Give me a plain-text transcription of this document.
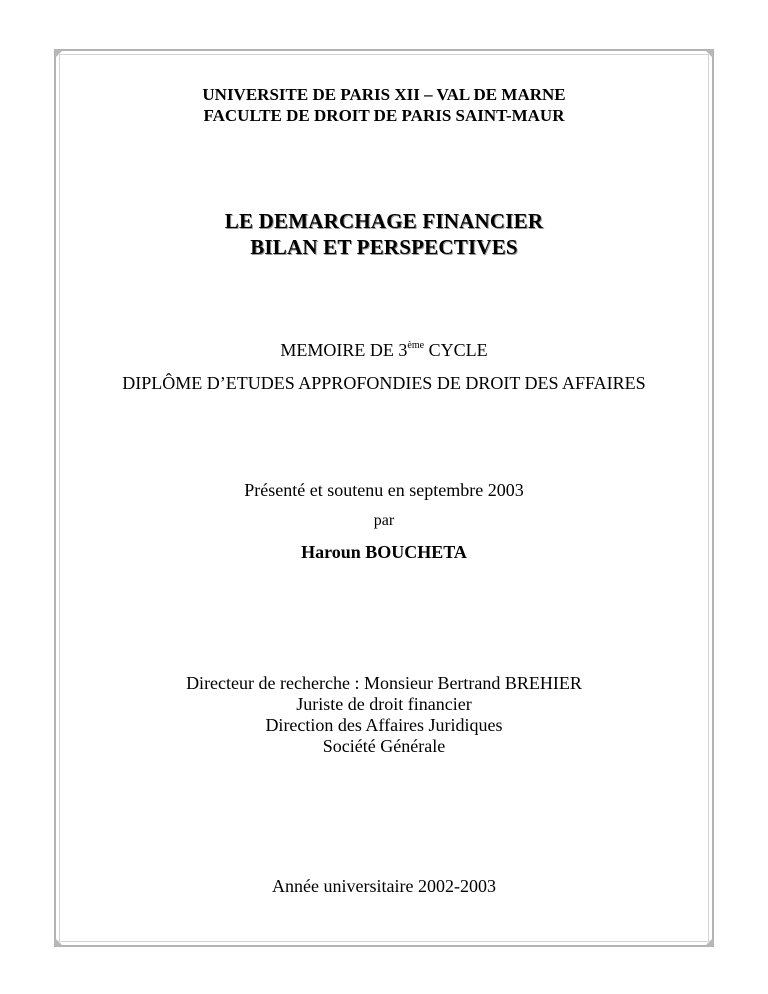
UNIVERSITE DE PARIS XII – VAL DE MARNE
FACULTE DE DROIT DE PARIS SAINT-MAUR
LE DEMARCHAGE FINANCIER
BILAN ET PERSPECTIVES
MEMOIRE DE 3ème CYCLE
DIPLÔME D’ETUDES APPROFONDIES DE DROIT DES AFFAIRES
Présenté et soutenu en septembre 2003
par
Haroun BOUCHETA
Directeur de recherche : Monsieur Bertrand BREHIER
Juriste de droit financier
Direction des Affaires Juridiques
Société Générale
Année universitaire 2002-2003
